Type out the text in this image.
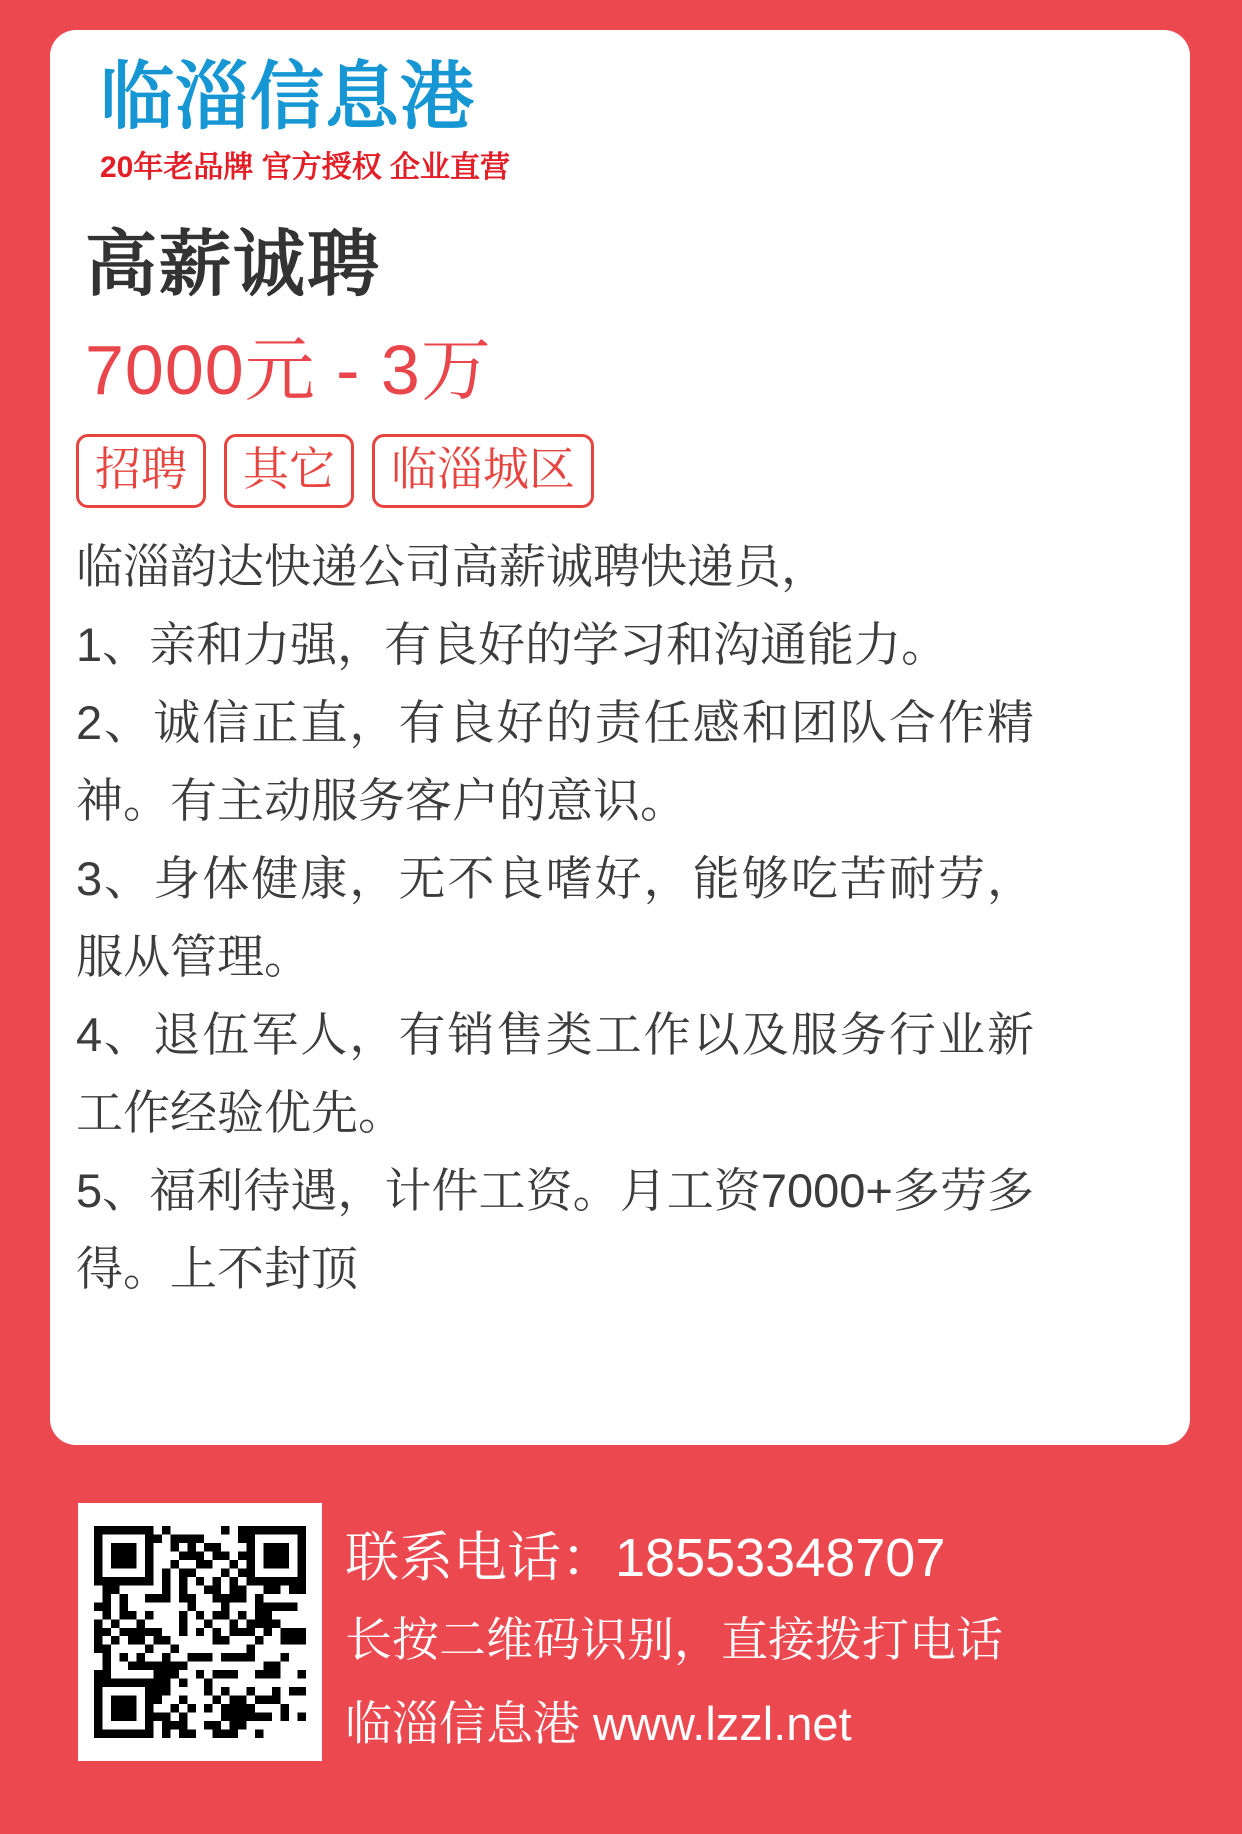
临淄信息港
20年老品牌 官方授权 企业直营
高薪诚聘
7000元 - 3万
招聘	其它	临淄城区
临淄韵达快递公司高薪诚聘快递员，
1、亲和力强，有良好的学习和沟通能力。
2、诚信正直，有良好的责任感和团队合作精神。有主动服务客户的意识。
3、身体健康，无不良嗜好，能够吃苦耐劳，服从管理。
4、退伍军人，有销售类工作以及服务行业新工作经验优先。
5、福利待遇，计件工资。月工资7000+多劳多得。上不封顶
联系电话：18553348707
长按二维码识别，直接拨打电话
临淄信息港 www.lzzl.net
